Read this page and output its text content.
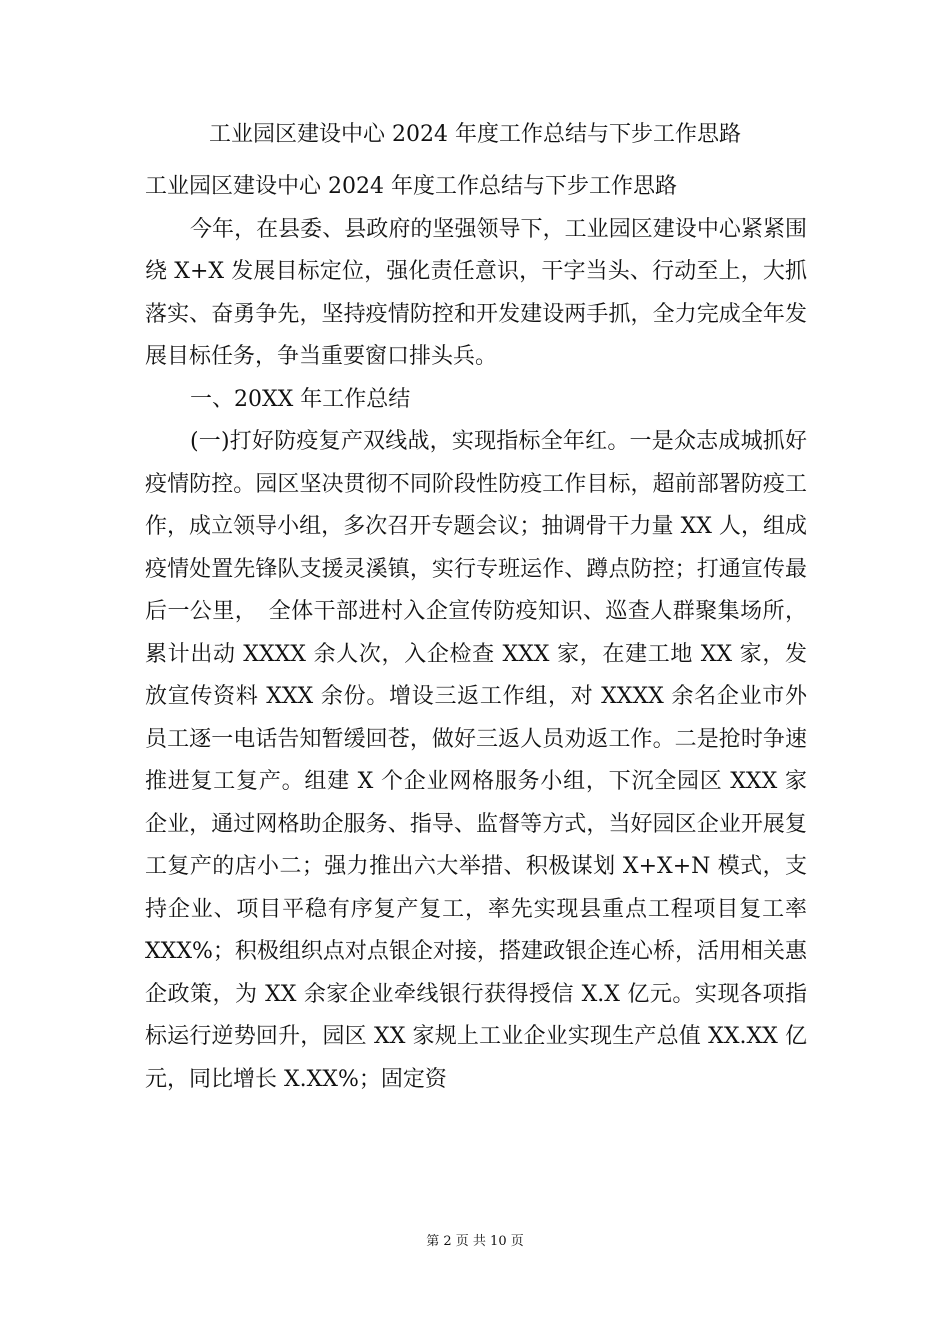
工业园区建设中心 2024 年度工作总结与下步工作思路

工业园区建设中心 2024 年度工作总结与下步工作思路

今年，在县委、县政府的坚强领导下，工业园区建设中心紧紧围绕 X+X 发展目标定位，强化责任意识，干字当头、行动至上，大抓落实、奋勇争先，坚持疫情防控和开发建设两手抓，全力完成全年发展目标任务，争当重要窗口排头兵。

一、20XX 年工作总结

(一)打好防疫复产双线战，实现指标全年红。一是众志成城抓好疫情防控。园区坚决贯彻不同阶段性防疫工作目标，超前部署防疫工作，成立领导小组，多次召开专题会议；抽调骨干力量 XX 人，组成疫情处置先锋队支援灵溪镇，实行专班运作、蹲点防控；打通宣传最后一公里，　全体干部进村入企宣传防疫知识、巡查人群聚集场所，累计出动 XXXX 余人次，入企检查 XXX 家，在建工地 XX 家，发放宣传资料 XXX 余份。增设三返工作组，对 XXXX 余名企业市外员工逐一电话告知暂缓回苍，做好三返人员劝返工作。二是抢时争速推进复工复产。组建 X 个企业网格服务小组，下沉全园区 XXX 家企业，通过网格助企服务、指导、监督等方式，当好园区企业开展复工复产的店小二；强力推出六大举措、积极谋划 X+X+N 模式，支持企业、项目平稳有序复产复工，率先实现县重点工程项目复工率 XXX%；积极组织点对点银企对接，搭建政银企连心桥，活用相关惠企政策，为 XX 余家企业牵线银行获得授信 X.X 亿元。实现各项指标运行逆势回升，园区 XX 家规上工业企业实现生产总值 XX.XX 亿元，同比增长 X.XX%；固定资

第 2 页 共 10 页
